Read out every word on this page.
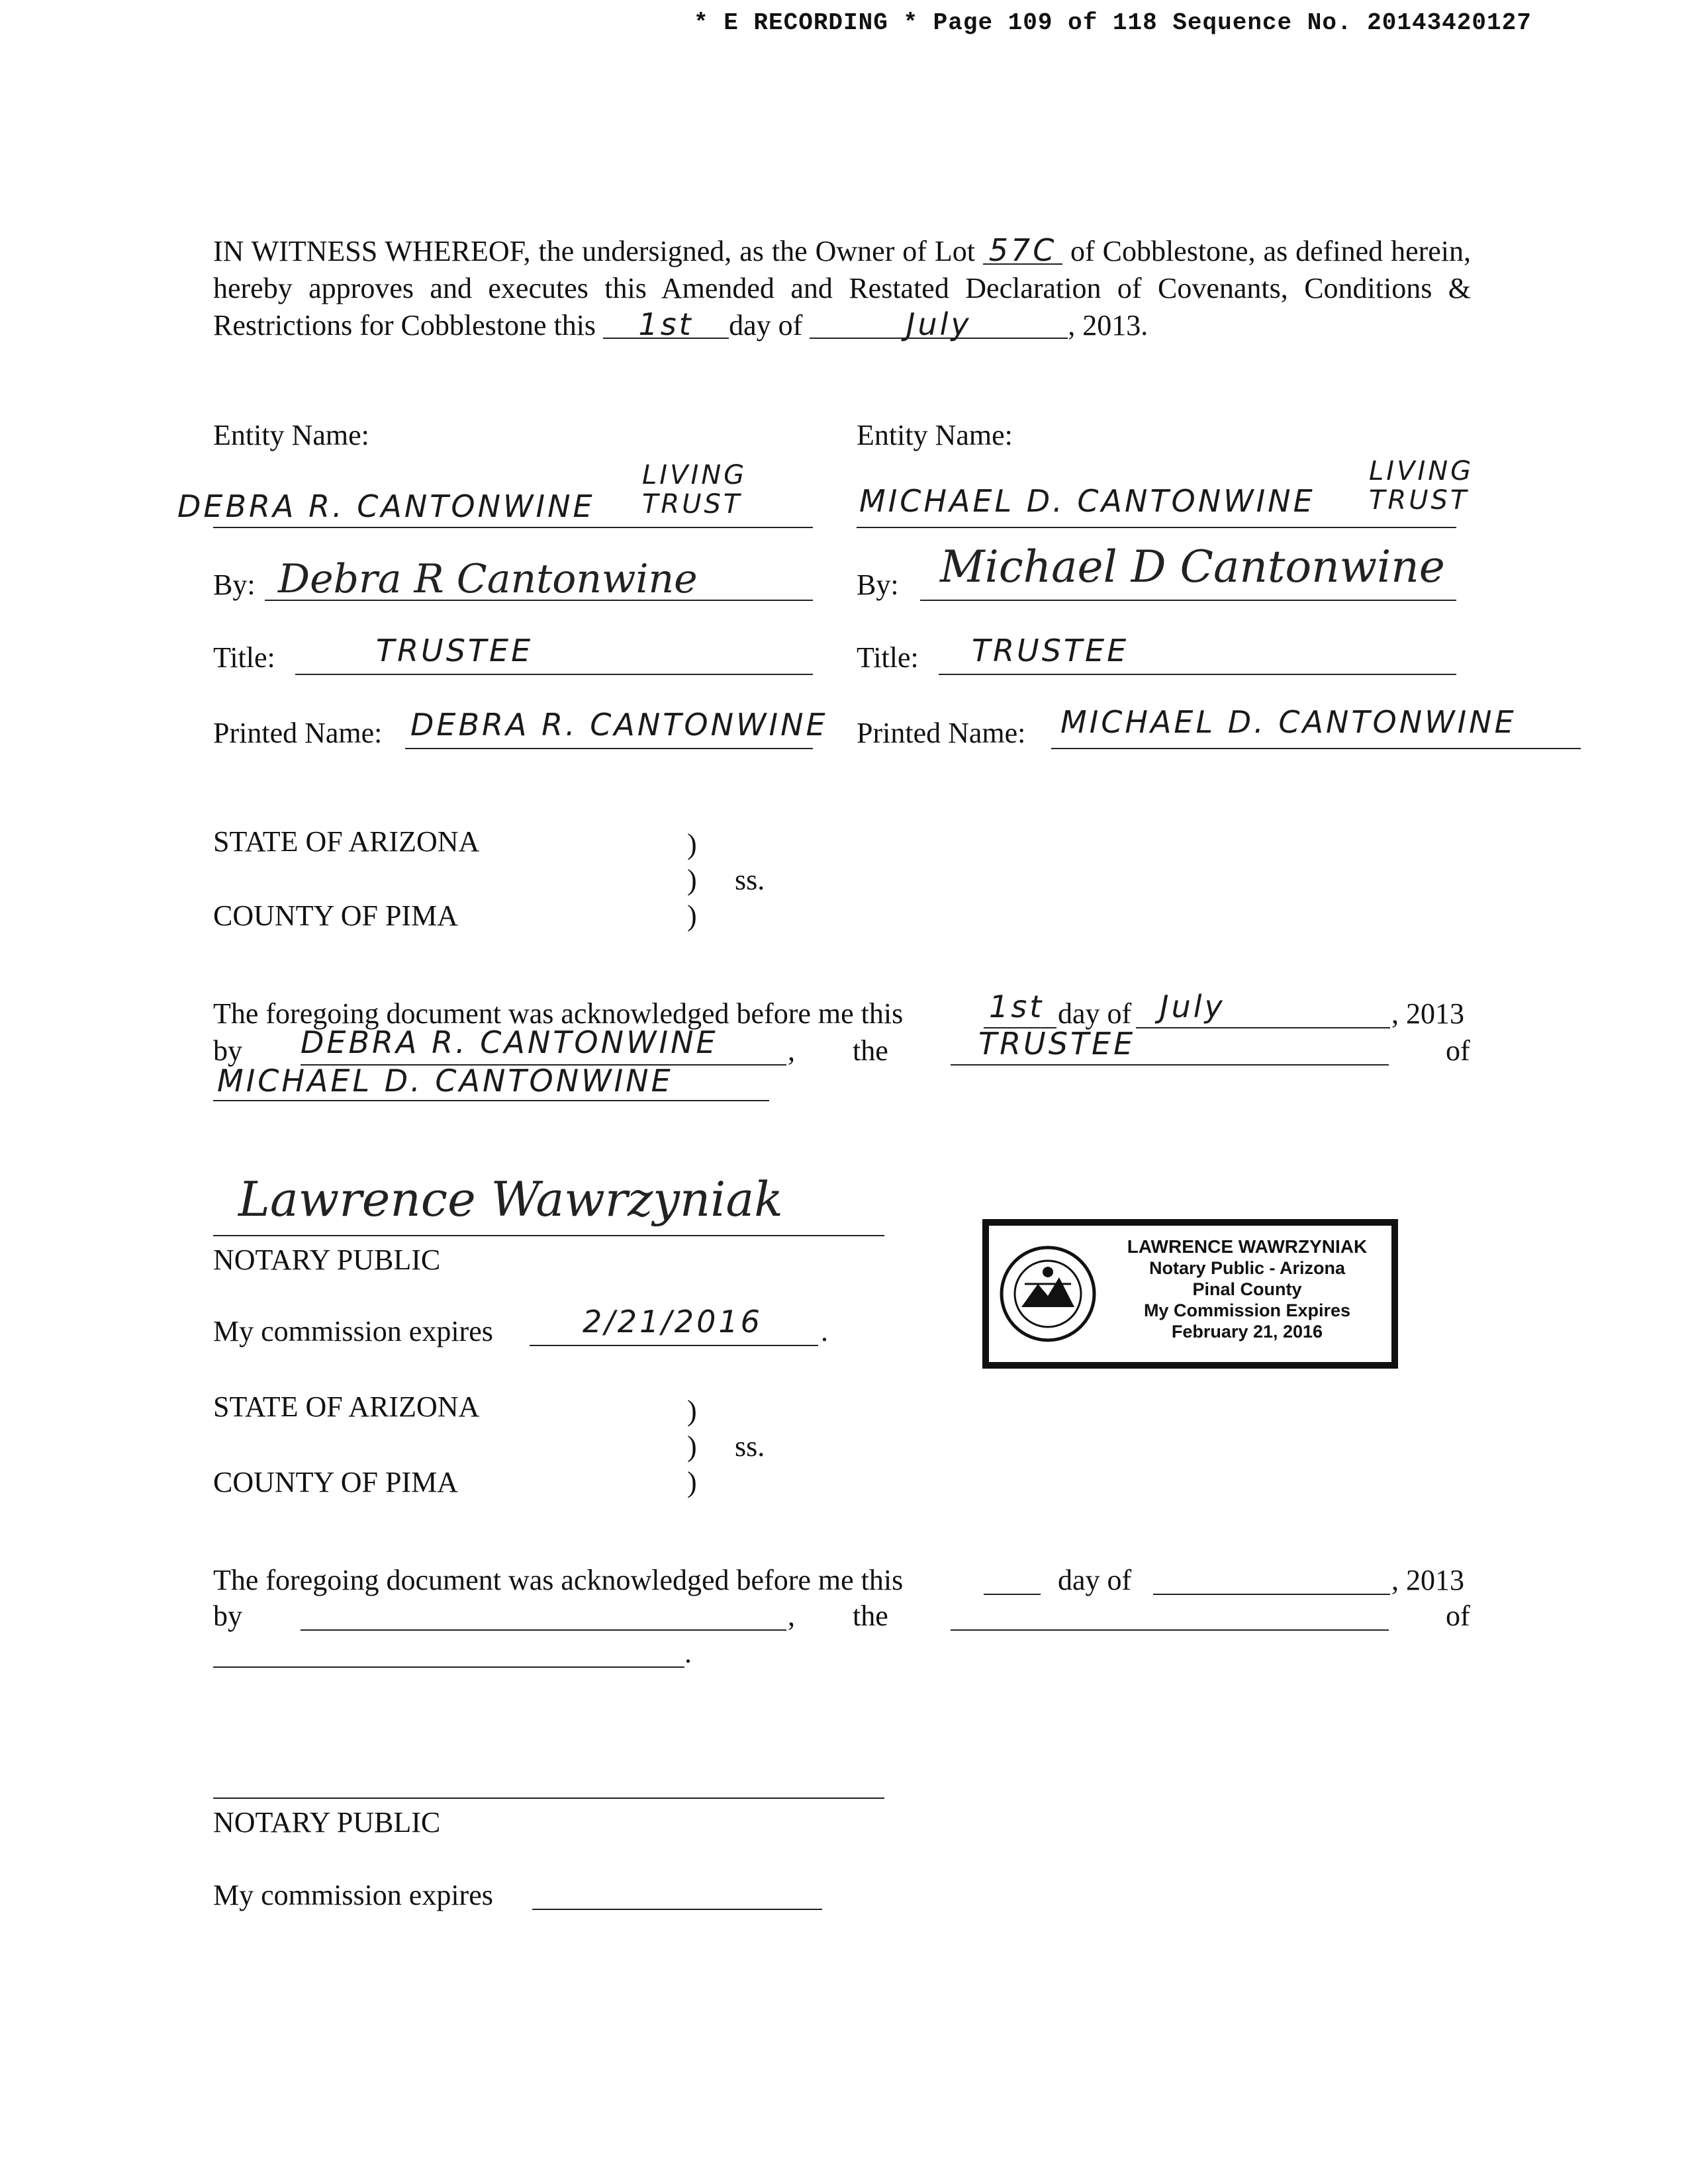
* E RECORDING * Page 109 of 118 Sequence No. 20143420127
IN WITNESS WHEREOF, the undersigned, as the Owner of Lot 57C of Cobblestone, as defined herein, hereby approves and executes this Amended and Restated Declaration of Covenants, Conditions & Restrictions for Cobblestone this 1st day of	July	, 2013.
Entity Name:
DEBRA R. CANTONWINE
LIVING TRUST
By: Debra R Cantonwine
Title:	TRUSTEE
Printed Name: DEBRA R. CANTONWINE
Entity Name:
MICHAEL D. CANTONWINE
LIVING TRUST
By: Michael D Cantonwine
Title: TRUSTEE
Printed Name: MICHAEL D. CANTONWINE
STATE OF ARIZONA
COUNTY OF PIMA
)
)
)
ss.
The foregoing document was acknowledged before me this	1st day of July	, 2013
by DEBRA R. CANTONWINE , the	TRUSTEE	of
MICHAEL D. CANTONWINE
Lawrence Wawrzyniak
NOTARY PUBLIC
My commission expires	2/21/2016 .
LAWRENCE WAWRZYNIAK
Notary Public - Arizona
Pinal County
My Commission Expires
February 21, 2016
STATE OF ARIZONA
COUNTY OF PIMA
)
)
)
ss.
The foregoing document was acknowledged before me this	day of	, 2013
by	, the	of
.
NOTARY PUBLIC
My commission expires
